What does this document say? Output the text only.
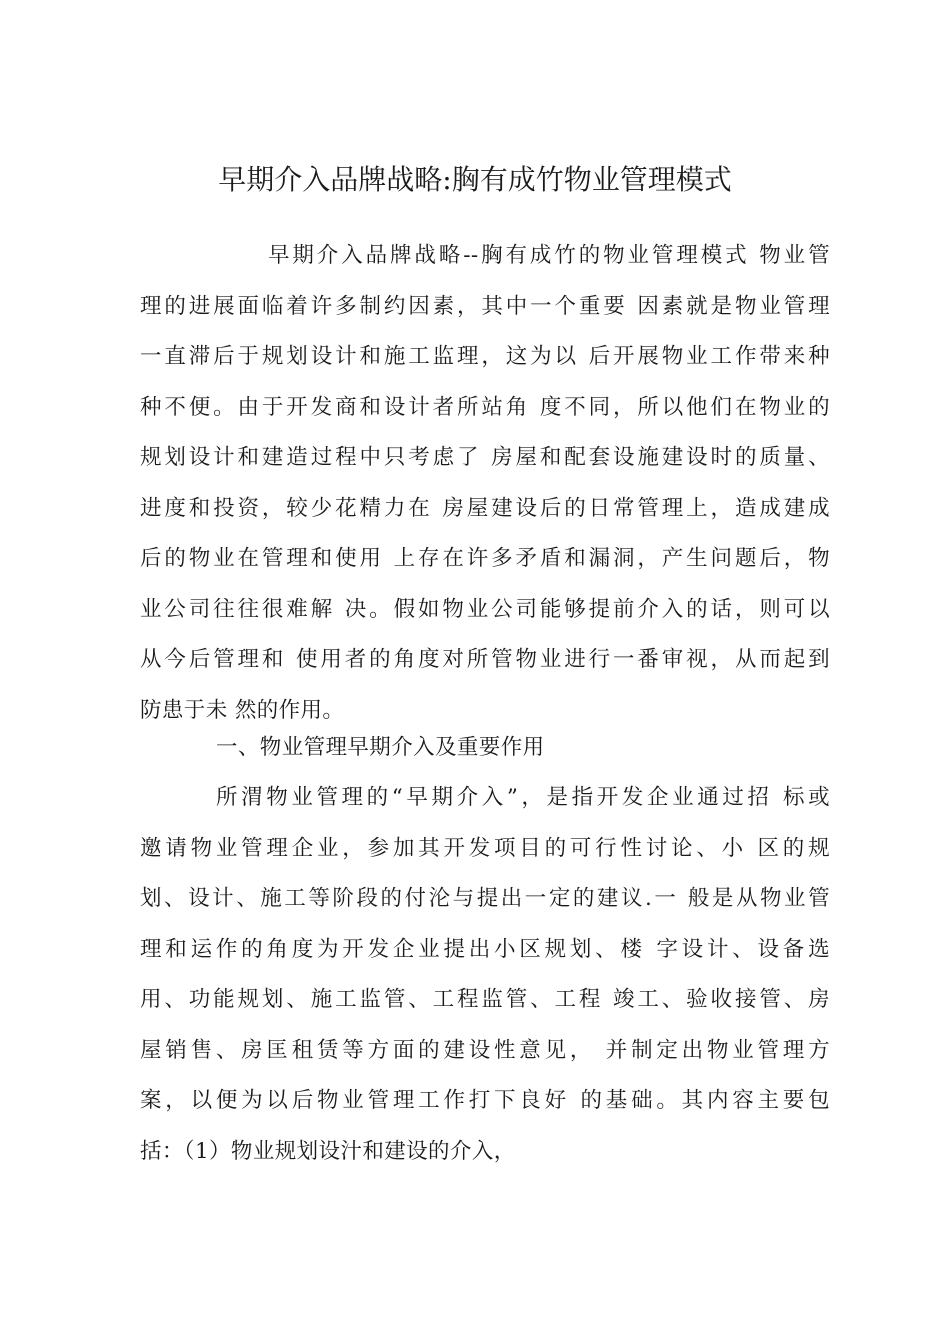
早期介入品牌战略:胸有成竹物业管理模式
早期介入品牌战略--胸有成竹的物业管理模式 物业管
理的进展面临着许多制约因素，其中一个重要 因素就是物业管理
一直滞后于规划设计和施工监理，这为以 后开展物业工作带来种
种不便。由于开发商和设计者所站角 度不同，所以他们在物业的
规划设计和建造过程中只考虑了 房屋和配套设施建设时的质量、
进度和投资，较少花精力在 房屋建设后的日常管理上，造成建成
后的物业在管理和使用 上存在许多矛盾和漏洞，产生问题后，物
业公司往往很难解 决。假如物业公司能够提前介入的话，则可以
从今后管理和 使用者的角度对所管物业进行一番审视，从而起到
防患于未 然的作用。
一、物业管理早期介入及重要作用
所渭物业管理的“早期介入”，是指开发企业通过招 标或
邀请物业管理企业，参加其开发项目的可行性讨论、小 区的规
划、设计、施工等阶段的付沦与提出一定的建议.一 般是从物业管
理和运作的角度为开发企业提出小区规划、楼 字设计、设备选
用、功能规划、施工监管、工程监管、工程 竣工、验收接管、房
屋销售、房匡租赁等方面的建设性意见， 并制定出物业管理方
案，以便为以后物业管理工作打下良好 的基础。其内容主要包
括：（1）物业规划设汁和建设的介入，
